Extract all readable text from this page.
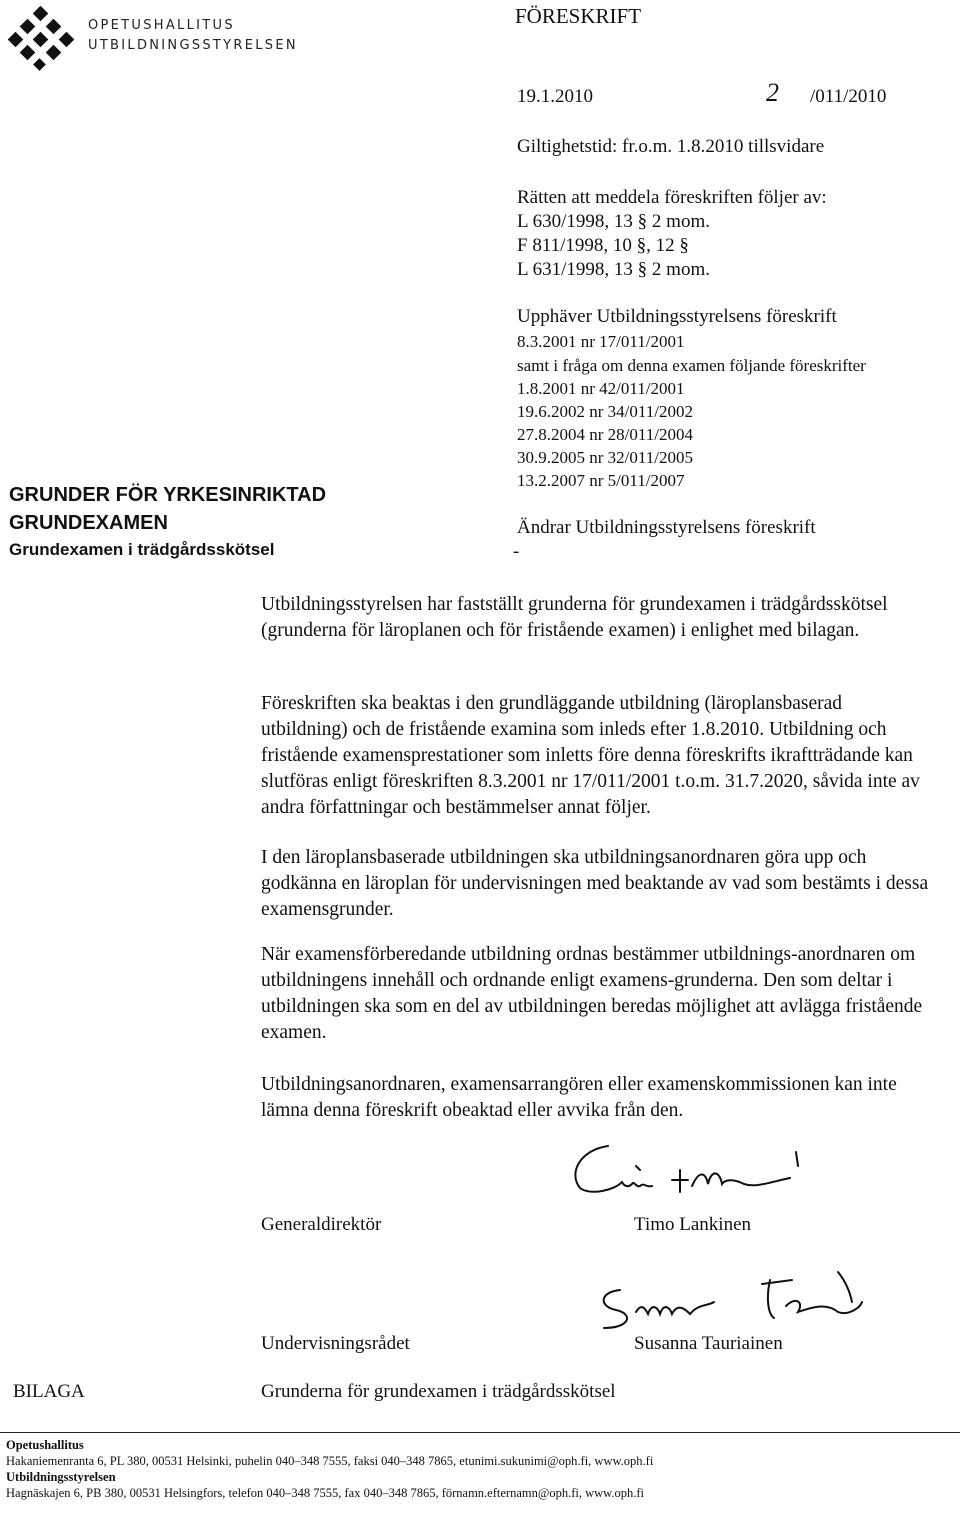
OPETUSHALLITUS
UTBILDNINGSSTYRELSEN
FÖRESKRIFT
19.1.2010	2 /011/2010
Giltighetstid: fr.o.m. 1.8.2010 tillsvidare
Rätten att meddela föreskriften följer av:
L 630/1998, 13 § 2 mom.
F 811/1998, 10 §, 12 §
L 631/1998, 13 § 2 mom.
Upphäver Utbildningsstyrelsens föreskrift
8.3.2001 nr 17/011/2001
samt i fråga om denna examen följande föreskrifter
1.8.2001 nr 42/011/2001
19.6.2002 nr 34/011/2002
27.8.2004 nr 28/011/2004
30.9.2005 nr 32/011/2005
13.2.2007 nr 5/011/2007
Ändrar Utbildningsstyrelsens föreskrift
-
GRUNDER FÖR YRKESINRIKTAD
GRUNDEXAMEN
Grundexamen i trädgårdsskötsel

Utbildningsstyrelsen har fastställt grunderna för grundexamen i trädgårdsskötsel (grunderna för läroplanen och för fristående examen) i enlighet med bilagan.

Föreskriften ska beaktas i den grundläggande utbildning (läroplansbaserad utbildning) och de fristående examina som inleds efter 1.8.2010. Utbildning och fristående examensprestationer som inletts före denna föreskrifts ikraftträdande kan slutföras enligt föreskriften 8.3.2001 nr 17/011/2001 t.o.m. 31.7.2020, såvida inte av andra författningar och bestämmelser annat följer.

I den läroplansbaserade utbildningen ska utbildningsanordnaren göra upp och godkänna en läroplan för undervisningen med beaktande av vad som bestämts i dessa examensgrunder.

När examensförberedande utbildning ordnas bestämmer utbildnings-anordnaren om utbildningens innehåll och ordnande enligt examens-grunderna. Den som deltar i utbildningen ska som en del av utbildningen beredas möjlighet att avlägga fristående examen.

Utbildningsanordnaren, examensarrangören eller examenskommissionen kan inte lämna denna föreskrift obeaktad eller avvika från den.

Generaldirektör	Timo Lankinen
Undervisningsrådet	Susanna Tauriainen
BILAGA	Grunderna för grundexamen i trädgårdsskötsel
Opetushallitus
Hakaniemenranta 6, PL 380, 00531 Helsinki, puhelin 040–348 7555, faksi 040–348 7865, etunimi.sukunimi@oph.fi, www.oph.fi
Utbildningsstyrelsen
Hagnäskajen 6, PB 380, 00531 Helsingfors, telefon 040–348 7555, fax 040–348 7865, förnamn.efternamn@oph.fi, www.oph.fi
